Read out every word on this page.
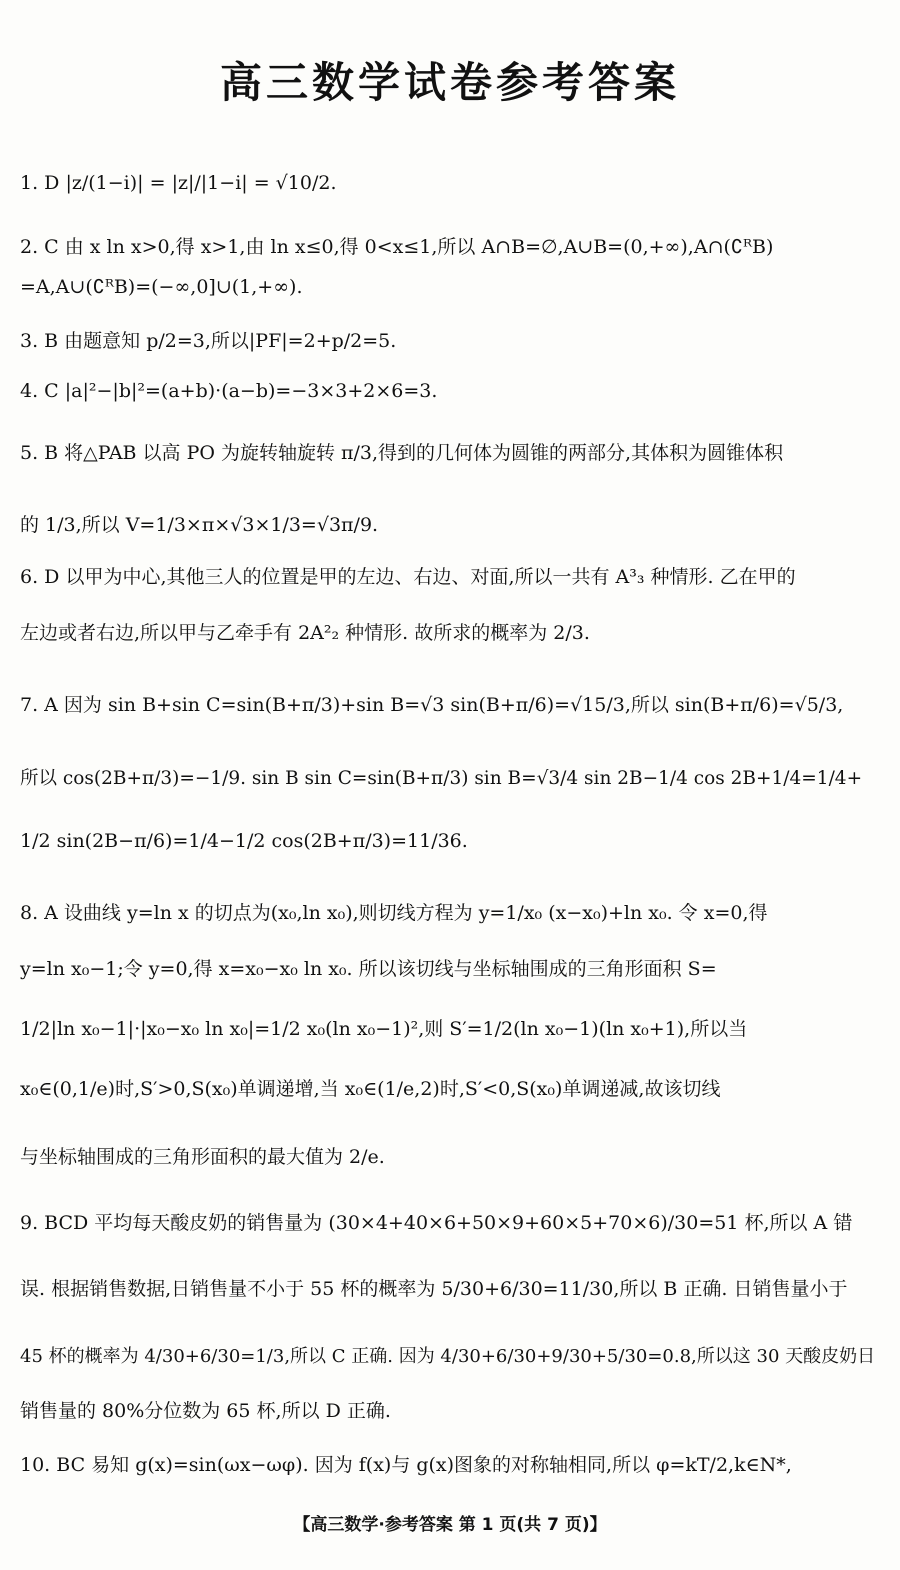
高三数学试卷参考答案
1. D |z/(1−i)| = |z|/|1−i| = √10/2.
2. C 由 x ln x>0,得 x>1,由 ln x≤0,得 0<x≤1,所以 A∩B=∅,A∪B=(0,+∞),A∩(∁ᴿB)
=A,A∪(∁ᴿB)=(−∞,0]∪(1,+∞).
3. B 由题意知 p/2=3,所以|PF|=2+p/2=5.
4. C |a|²−|b|²=(a+b)·(a−b)=−3×3+2×6=3.
5. B 将△PAB 以高 PO 为旋转轴旋转 π/3,得到的几何体为圆锥的两部分,其体积为圆锥体积
的 1/3,所以 V=1/3×π×√3×1/3=√3π/9.
6. D 以甲为中心,其他三人的位置是甲的左边、右边、对面,所以一共有 A³₃ 种情形. 乙在甲的
左边或者右边,所以甲与乙牵手有 2A²₂ 种情形. 故所求的概率为 2/3.
7. A 因为 sin B+sin C=sin(B+π/3)+sin B=√3 sin(B+π/6)=√15/3,所以 sin(B+π/6)=√5/3,
所以 cos(2B+π/3)=−1/9. sin B sin C=sin(B+π/3) sin B=√3/4 sin 2B−1/4 cos 2B+1/4=1/4+
1/2 sin(2B−π/6)=1/4−1/2 cos(2B+π/3)=11/36.
8. A 设曲线 y=ln x 的切点为(x₀,ln x₀),则切线方程为 y=1/x₀ (x−x₀)+ln x₀. 令 x=0,得
y=ln x₀−1;令 y=0,得 x=x₀−x₀ ln x₀. 所以该切线与坐标轴围成的三角形面积 S=
1/2|ln x₀−1|·|x₀−x₀ ln x₀|=1/2 x₀(ln x₀−1)²,则 S′=1/2(ln x₀−1)(ln x₀+1),所以当
x₀∈(0,1/e)时,S′>0,S(x₀)单调递增,当 x₀∈(1/e,2)时,S′<0,S(x₀)单调递减,故该切线
与坐标轴围成的三角形面积的最大值为 2/e.
9. BCD 平均每天酸皮奶的销售量为 (30×4+40×6+50×9+60×5+70×6)/30=51 杯,所以 A 错
误. 根据销售数据,日销售量不小于 55 杯的概率为 5/30+6/30=11/30,所以 B 正确. 日销售量小于
45 杯的概率为 4/30+6/30=1/3,所以 C 正确. 因为 4/30+6/30+9/30+5/30=0.8,所以这 30 天酸皮奶日
销售量的 80%分位数为 65 杯,所以 D 正确.
10. BC 易知 g(x)=sin(ωx−ωφ). 因为 f(x)与 g(x)图象的对称轴相同,所以 φ=kT/2,k∈N*,
【高三数学·参考答案 第 1 页(共 7 页)】
